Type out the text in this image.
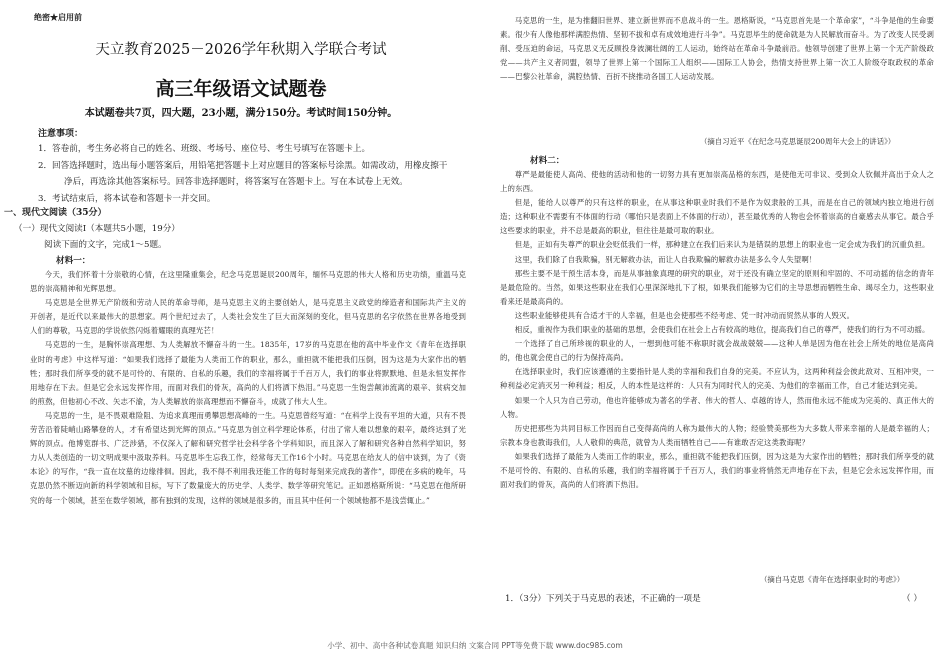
绝密★启用前
天立教育2025－2026学年秋期入学联合考试
高三年级语文试题卷
本试题卷共7页，四大题，23小题，满分150分。考试时间150分钟。
注意事项：

1．答卷前，考生务必将自己的姓名、班级、考场号、座位号、考生号填写在答题卡上。

2．回答选择题时，选出每小题答案后，用铅笔把答题卡上对应题目的答案标号涂黑。如需改动，用橡皮擦干

净后，再选涂其他答案标号。回答非选择题时，将答案写在答题卡上。写在本试卷上无效。

3．考试结束后，将本试卷和答题卡一并交回。

一、现代文阅读（35分）
（一）现代文阅读Ⅰ（本题共5小题，19分）
阅读下面的文字，完成1～5题。
材料一：

今天，我们怀着十分崇敬的心情，在这里隆重集会，纪念马克思诞辰200周年，缅怀马克思的伟大人格和历史功绩，重温马克思的崇高精神和光辉思想。

马克思是全世界无产阶级和劳动人民的革命导师，是马克思主义的主要创始人，是马克思主义政党的缔造者和国际共产主义的开创者，是近代以来最伟大的思想家。两个世纪过去了，人类社会发生了巨大而深刻的变化，但马克思的名字依然在世界各地受到人们的尊敬，马克思的学说依然闪烁着耀眼的真理光芒！

马克思的一生，是胸怀崇高理想、为人类解放不懈奋斗的一生。1835年，17岁的马克思在他的高中毕业作文《青年在选择职业时的考虑》中这样写道：“如果我们选择了最能为人类而工作的职业，那么，重担就不能把我们压倒，因为这是为大家作出的牺牲；那时我们所享受的就不是可怜的、有限的、自私的乐趣，我们的幸福将属于千百万人，我们的事业将默默地、但是永恒发挥作用地存在下去。但是它会永远发挥作用，而面对我们的骨灰，高尚的人们将洒下热泪。”马克思一生饱尝颠沛流离的艰辛、贫病交加的煎熬，但他初心不改、矢志不渝，为人类解放的崇高理想而不懈奋斗，成就了伟大人生。

马克思的一生，是不畏艰难险阻、为追求真理而勇攀思想高峰的一生。马克思曾经写道：“在科学上没有平坦的大道，只有不畏劳苦沿着陡峭山路攀登的人，才有希望达到光辉的顶点。”马克思为创立科学理论体系，付出了常人难以想象的艰辛，最终达到了光辉的顶点。他博览群书、广泛涉猎，不仅深入了解和研究哲学社会科学各个学科知识，而且深入了解和研究各种自然科学知识，努力从人类创造的一切文明成果中汲取养料。马克思毕生忘我工作，经常每天工作16个小时。马克思在给友人的信中谈到，为了《资本论》的写作，“我一直在坟墓的边缘徘徊。因此，我不得不利用我还能工作的每时每刻来完成我的著作”，即使在多病的晚年，马克思仍然不断迈向新的科学领域和目标，写下了数量庞大的历史学、人类学、数学等研究笔记。正如恩格斯所说：“马克思在他所研究的每一个领域，甚至在数学领域，都有独到的发现，这样的领域是很多的，而且其中任何一个领域他都不是浅尝辄止。”

马克思的一生，是为推翻旧世界、建立新世界而不息战斗的一生。恩格斯说，“马克思首先是一个革命家”，“斗争是他的生命要素。很少有人像他那样满腔热情、坚韧不拔和卓有成效地进行斗争”。马克思毕生的使命就是为人民解放而奋斗。为了改变人民受剥削、受压迫的命运，马克思义无反顾投身波澜壮阔的工人运动，始终站在革命斗争最前沿。他领导创建了世界上第一个无产阶级政党——共产主义者同盟，领导了世界上第一个国际工人组织——国际工人协会，热情支持世界上第一次工人阶级夺取政权的革命——巴黎公社革命，满腔热情、百折不挠推动各国工人运动发展。

（摘自习近平《在纪念马克思诞辰200周年大会上的讲话》）
材料二：

尊严是最能使人高尚、使他的活动和他的一切努力具有更加崇高品格的东西，是使他无可非议、受到众人钦佩并高出于众人之上的东西。

但是，能给人以尊严的只有这样的职业，在从事这种职业时我们不是作为奴隶般的工具，而是在自己的领域内独立地进行创造；这种职业不需要有不体面的行动（哪怕只是表面上不体面的行动），甚至最优秀的人物也会怀着崇高的自豪感去从事它。最合乎这些要求的职业，并不总是最高的职业，但往往是最可取的职业。

但是，正如有失尊严的职业会贬低我们一样，那种建立在我们后来认为是错误的思想上的职业也一定会成为我们的沉重负担。

这里，我们除了自我欺骗，别无解救办法，而让人自我欺骗的解救办法是多么令人失望啊！

那些主要不是干预生活本身，而是从事抽象真理的研究的职业，对于还没有确立坚定的原则和牢固的、不可动摇的信念的青年是最危险的。当然，如果这些职业在我们心里深深地扎下了根，如果我们能够为它们的主导思想而牺牲生命、竭尽全力，这些职业看来还是最高尚的。

这些职业能够使具有合适才干的人幸福，但是也会使那些不经考虑、凭一时冲动而贸然从事的人毁灭。

相反，重视作为我们职业的基础的思想，会使我们在社会上占有较高的地位，提高我们自己的尊严，使我们的行为不可动摇。

一个选择了自己所珍视的职业的人，一想到他可能不称职时就会战战兢兢——这种人单是因为他在社会上所处的地位是高尚的，他也就会使自己的行为保持高尚。

在选择职业时，我们应该遵循的主要指针是人类的幸福和我们自身的完美。不应认为，这两种利益会彼此敌对、互相冲突，一种利益必定消灭另一种利益；相反，人的本性是这样的：人只有为同时代人的完美、为他们的幸福而工作，自己才能达到完美。

如果一个人只为自己劳动，他也许能够成为著名的学者、伟大的哲人、卓越的诗人，然而他永远不能成为完美的、真正伟大的人物。

历史把那些为共同目标工作因而自己变得高尚的人称为最伟大的人物；经验赞美那些为大多数人带来幸福的人是最幸福的人；宗教本身也教诲我们，人人敬仰的典范，就曾为人类而牺牲自己——有谁敢否定这类教诲呢？

如果我们选择了最能为人类而工作的职业，那么，重担就不能把我们压倒，因为这是为大家作出的牺牲；那时我们所享受的就不是可怜的、有限的、自私的乐趣，我们的幸福将属于千百万人，我们的事业将悄然无声地存在下去，但是它会永远发挥作用，而面对我们的骨灰，高尚的人们将洒下热泪。

（摘自马克思《青年在选择职业时的考虑》）
1．（3分）下列关于马克思的表述，不正确的一项是	（ ）
小学、初中、高中各种试卷真题 知识归纳 文案合同 PPT等免费下载 www.doc985.com
